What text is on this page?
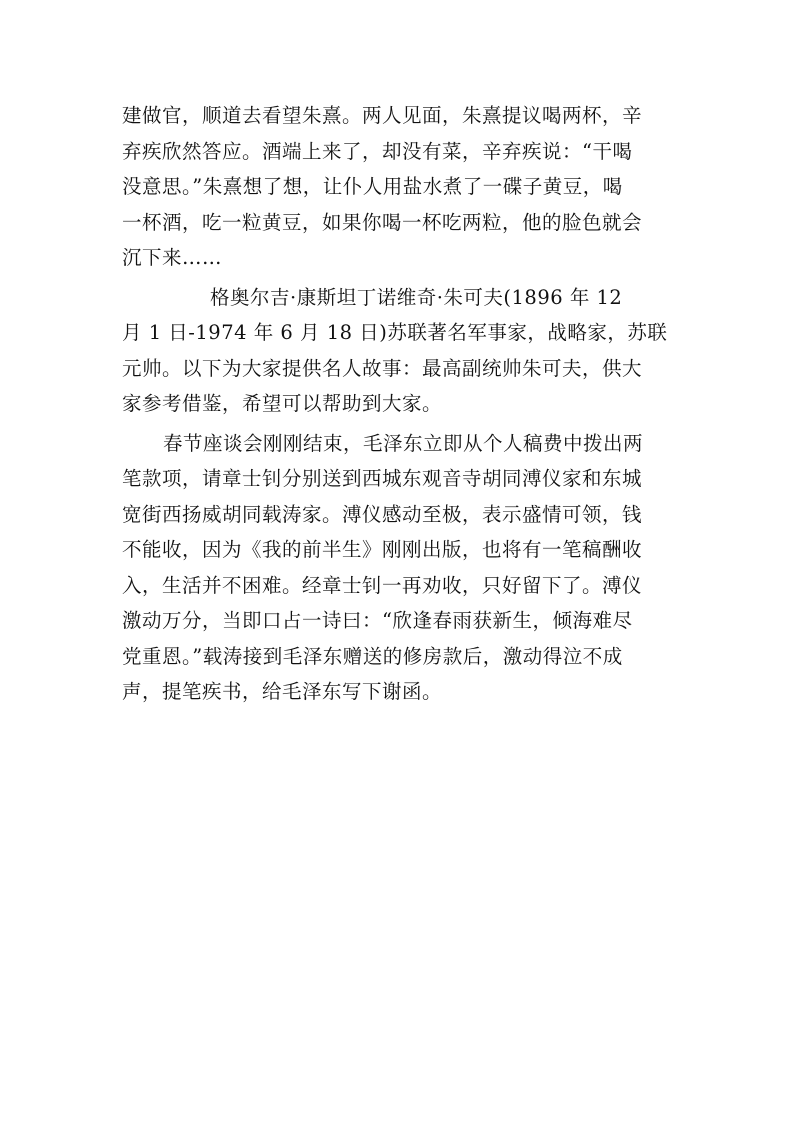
建做官，顺道去看望朱熹。两人见面，朱熹提议喝两杯，辛
弃疾欣然答应。酒端上来了，却没有菜，辛弃疾说：“干喝
没意思。”朱熹想了想，让仆人用盐水煮了一碟子黄豆，喝
一杯酒，吃一粒黄豆，如果你喝一杯吃两粒，他的脸色就会
沉下来……
格奥尔吉·康斯坦丁诺维奇·朱可夫(1896 年 12
月 1 日-1974 年 6 月 18 日)苏联著名军事家，战略家，苏联
元帅。以下为大家提供名人故事：最高副统帅朱可夫，供大
家参考借鉴，希望可以帮助到大家。
春节座谈会刚刚结束，毛泽东立即从个人稿费中拨出两
笔款项，请章士钊分别送到西城东观音寺胡同溥仪家和东城
宽街西扬威胡同载涛家。溥仪感动至极，表示盛情可领，钱
不能收，因为《我的前半生》刚刚出版，也将有一笔稿酬收
入，生活并不困难。经章士钊一再劝收，只好留下了。溥仪
激动万分，当即口占一诗曰：“欣逢春雨获新生，倾海难尽
党重恩。”载涛接到毛泽东赠送的修房款后，激动得泣不成
声，提笔疾书，给毛泽东写下谢函。
